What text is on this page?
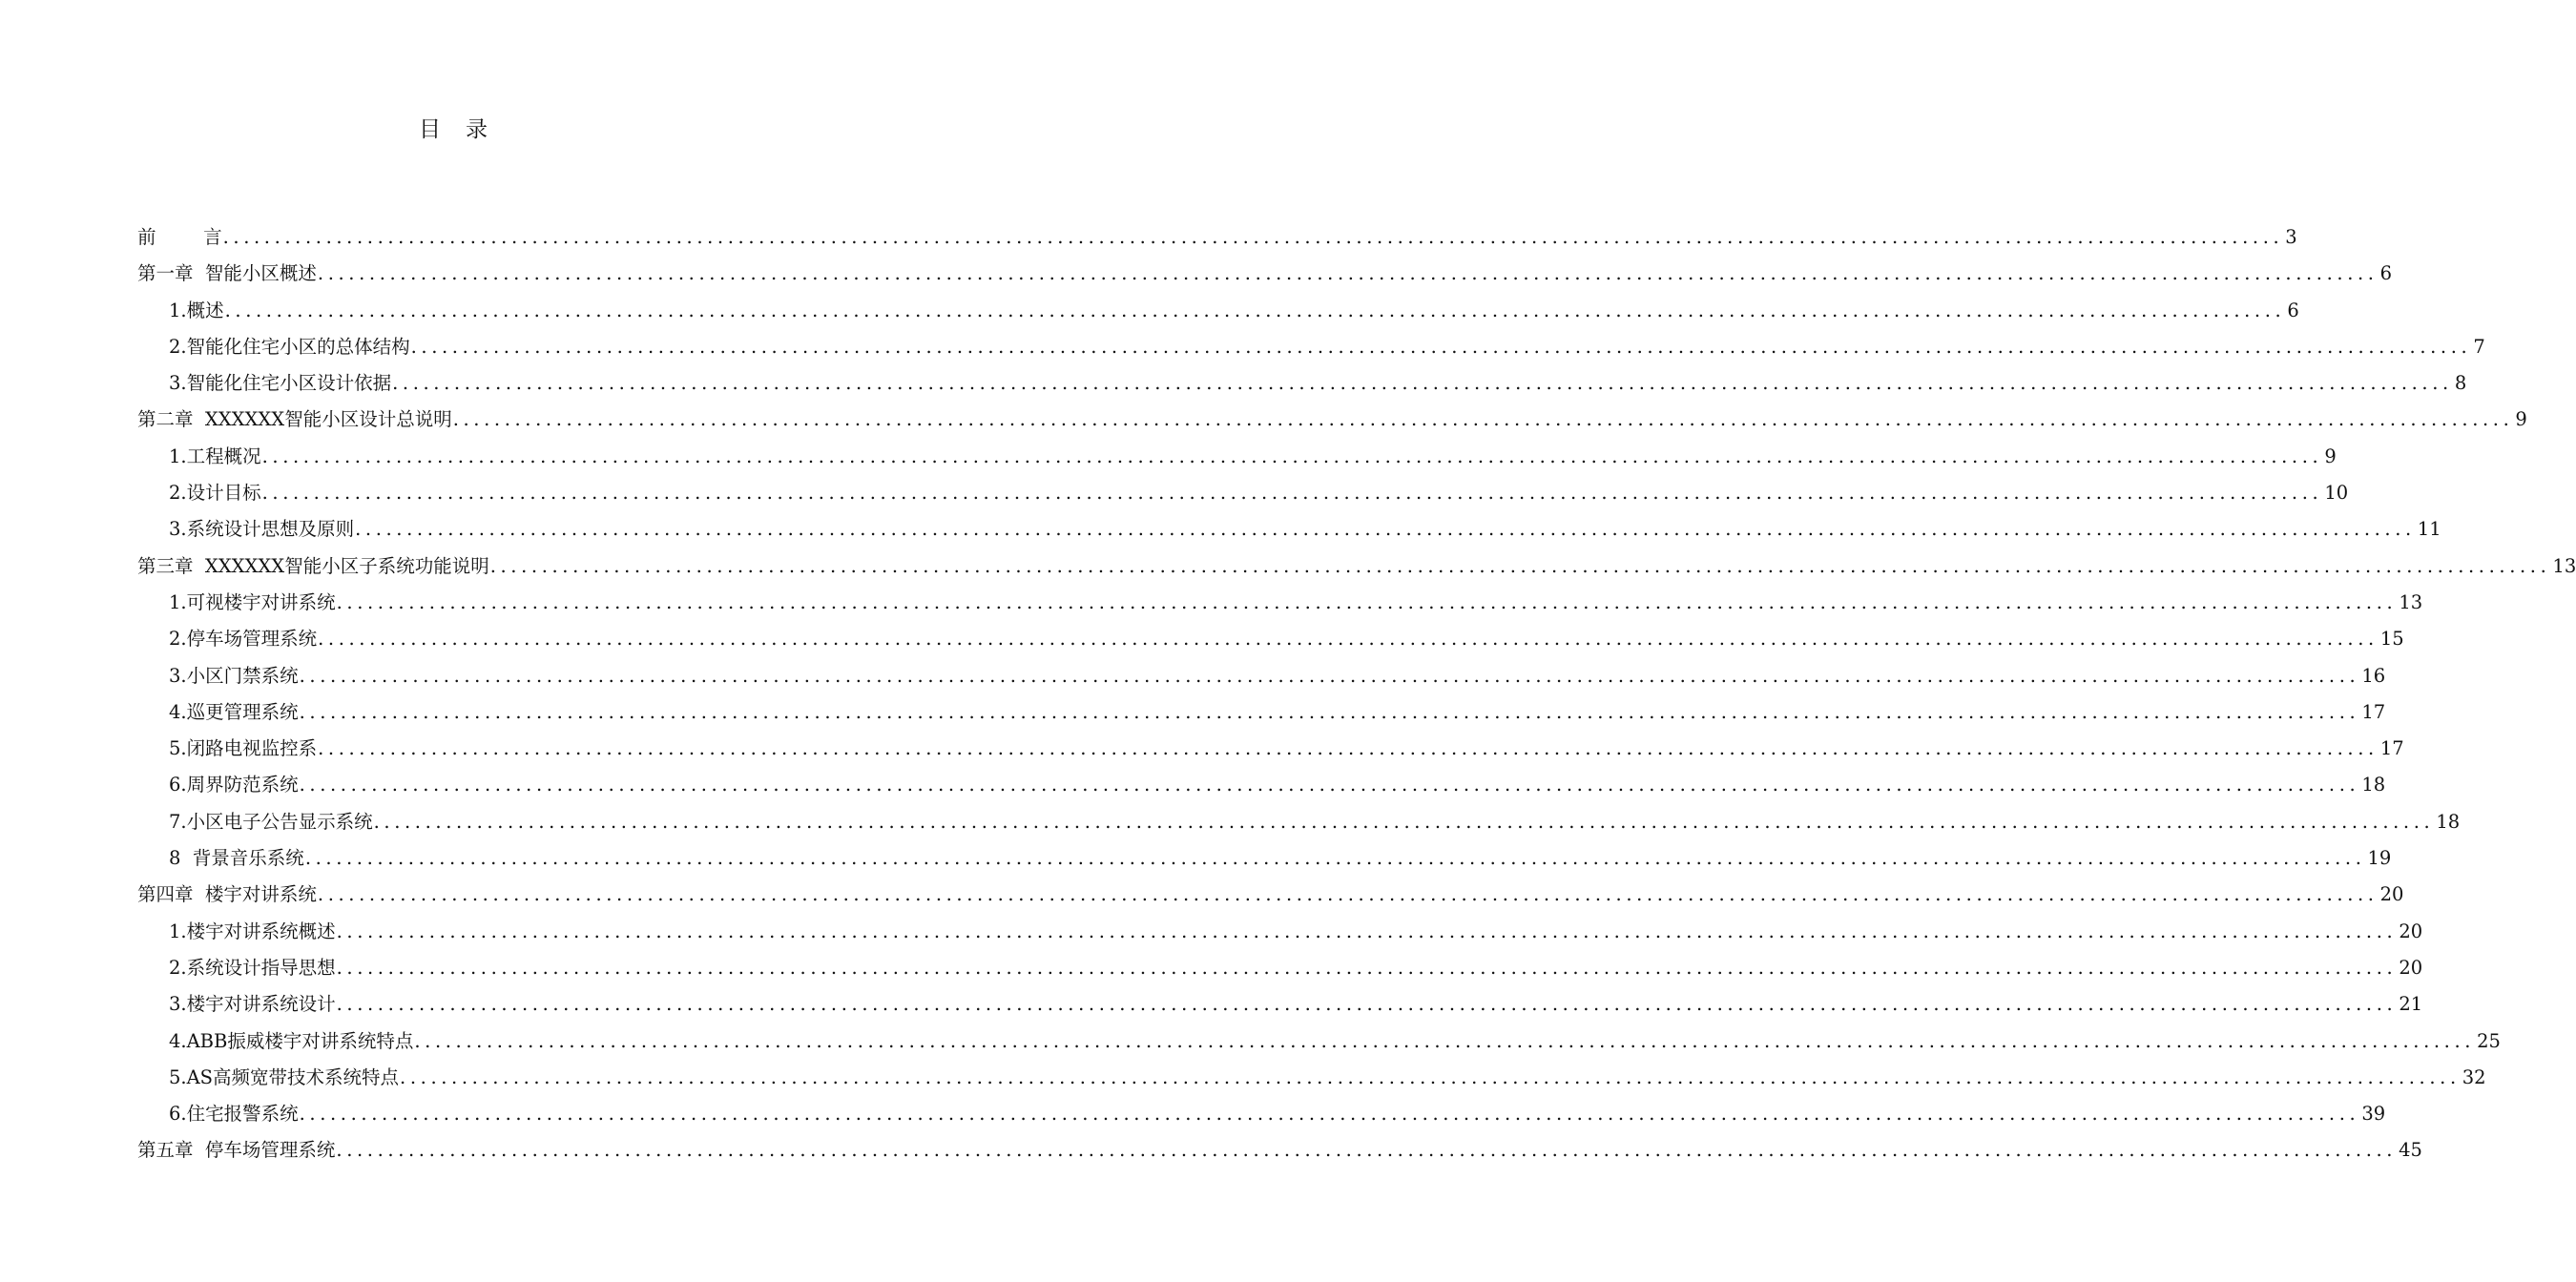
目录
前        言 ........................................................................................................................................................................................................ 3
第一章  智能小区概述 ........................................................................................................................................................................................................ 6
1.概述 ........................................................................................................................................................................................................ 6
2.智能化住宅小区的总体结构 ........................................................................................................................................................................................................ 7
3.智能化住宅小区设计依据 ........................................................................................................................................................................................................ 8
第二章  XXXXXX智能小区设计总说明 ........................................................................................................................................................................................................ 9
1.工程概况 ........................................................................................................................................................................................................ 9
2.设计目标 ........................................................................................................................................................................................................ 10
3.系统设计思想及原则 ........................................................................................................................................................................................................ 11
第三章  XXXXXX智能小区子系统功能说明 ........................................................................................................................................................................................................ 13
1.可视楼宇对讲系统 ........................................................................................................................................................................................................ 13
2.停车场管理系统 ........................................................................................................................................................................................................ 15
3.小区门禁系统 ........................................................................................................................................................................................................ 16
4.巡更管理系统 ........................................................................................................................................................................................................ 17
5.闭路电视监控系 ........................................................................................................................................................................................................ 17
6.周界防范系统 ........................................................................................................................................................................................................ 18
7.小区电子公告显示系统 ........................................................................................................................................................................................................ 18
8  背景音乐系统 ........................................................................................................................................................................................................ 19
第四章  楼宇对讲系统 ........................................................................................................................................................................................................ 20
1.楼宇对讲系统概述 ........................................................................................................................................................................................................ 20
2.系统设计指导思想 ........................................................................................................................................................................................................ 20
3.楼宇对讲系统设计 ........................................................................................................................................................................................................ 21
4.ABB振威楼宇对讲系统特点 ........................................................................................................................................................................................................ 25
5.AS高频宽带技术系统特点 ........................................................................................................................................................................................................ 32
6.住宅报警系统 ........................................................................................................................................................................................................ 39
第五章  停车场管理系统 ........................................................................................................................................................................................................ 45
